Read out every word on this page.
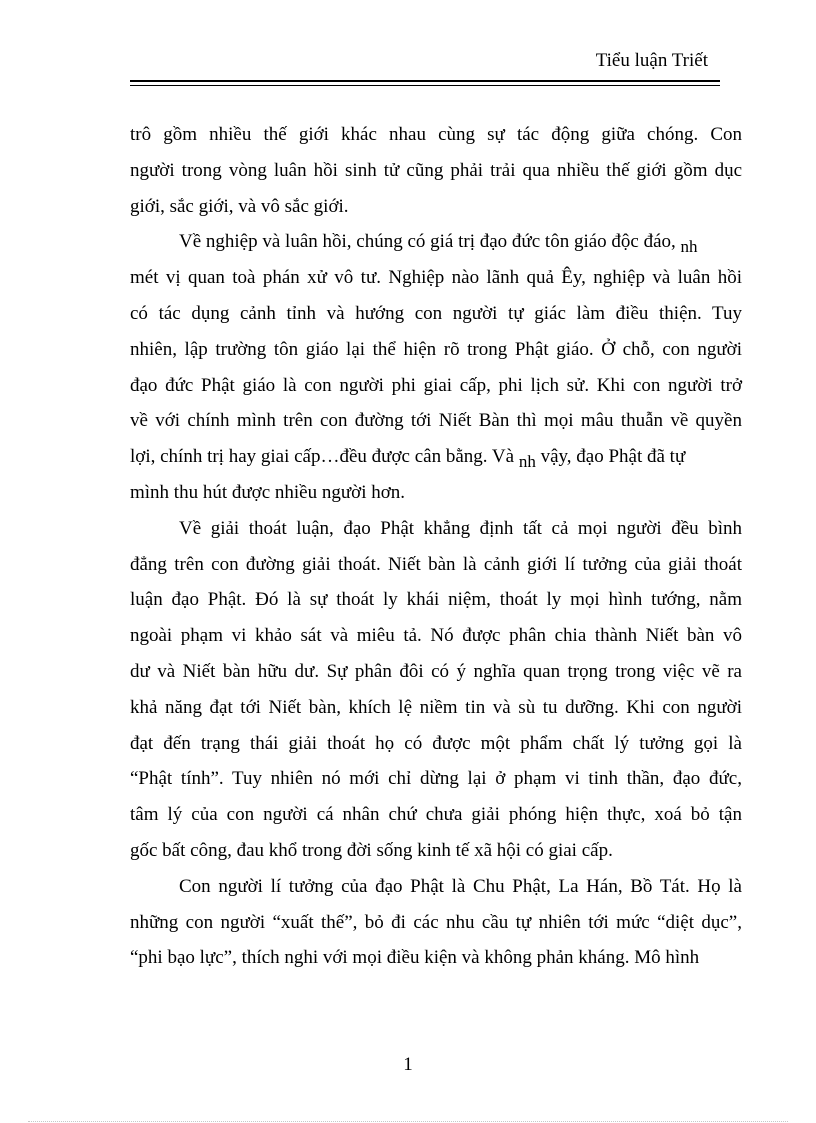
Tiểu luận Triết
trô gồm nhiều thế giới khác nhau cùng sự tác động giữa chóng. Con
người trong vòng luân hồi sinh tử cũng phải trải qua nhiều thế giới gồm dục
giới, sắc giới, và vô sắc giới.
Về nghiệp và luân hồi, chúng có giá trị đạo đức tôn giáo độc đáo, nh
mét vị quan toà phán xử vô tư. Nghiệp nào lãnh quả Êy, nghiệp và luân hồi
có tác dụng cảnh tỉnh và hướng con người tự giác làm điều thiện. Tuy
nhiên, lập trường tôn giáo lại thể hiện rõ trong Phật giáo. Ở chỗ, con người
đạo đức Phật giáo là con người phi giai cấp, phi lịch sử. Khi con người trở
về với chính mình trên con đường tới Niết Bàn thì mọi mâu thuẫn về quyền
lợi, chính trị hay giai cấp…đều được cân bằng. Và nh vậy, đạo Phật đã tự
mình thu hút được nhiều người hơn.
Về giải thoát luận, đạo Phật khẳng định tất cả mọi người đều bình
đẳng trên con đường giải thoát. Niết bàn là cảnh giới lí tưởng của giải thoát
luận đạo Phật. Đó là sự thoát ly khái niệm, thoát ly mọi hình tướng, nằm
ngoài phạm vi khảo sát và miêu tả. Nó được phân chia thành Niết bàn vô
dư và Niết bàn hữu dư. Sự phân đôi có ý nghĩa quan trọng trong việc vẽ ra
khả năng đạt tới Niết bàn, khích lệ niềm tin và sù tu dưỡng. Khi con người
đạt đến trạng thái giải thoát họ có được một phẩm chất lý tưởng gọi là
“Phật tính”. Tuy nhiên nó mới chỉ dừng lại ở phạm vi tinh thần, đạo đức,
tâm lý của con người cá nhân chứ chưa giải phóng hiện thực, xoá bỏ tận
gốc bất công, đau khổ trong đời sống kinh tế xã hội có giai cấp.
Con người lí tưởng của đạo Phật là Chu Phật, La Hán, Bồ Tát. Họ là
những con người “xuất thế”, bỏ đi các nhu cầu tự nhiên tới mức “diệt dục”,
“phi bạo lực”, thích nghi với mọi điều kiện và không phản kháng. Mô hình
1
